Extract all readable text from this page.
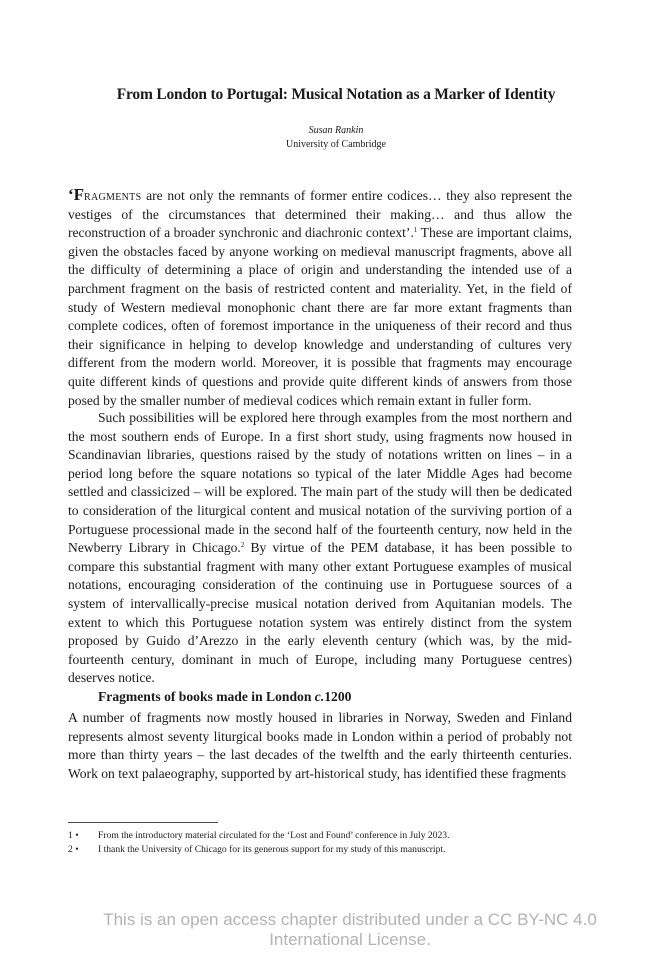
From London to Portugal: Musical Notation as a Marker of Identity
Susan Rankin
University of Cambridge
‘Fragments are not only the remnants of former entire codices… they also represent the vestiges of the circumstances that determined their making… and thus allow the reconstruction of a broader synchronic and diachronic context’.$^1$ These are important claims, given the obstacles faced by anyone working on medieval manuscript fragments, above all the difficulty of determining a place of origin and understanding the intended use of a parchment fragment on the basis of restricted content and materiality. Yet, in the field of study of Western medieval monophonic chant there are far more extant fragments than complete codices, often of foremost importance in the uniqueness of their record and thus their significance in helping to develop knowledge and understanding of cultures very different from the modern world. Moreover, it is possible that fragments may encourage quite different kinds of questions and provide quite different kinds of answers from those posed by the smaller number of medieval codices which remain extant in fuller form.
Such possibilities will be explored here through examples from the most northern and the most southern ends of Europe. In a first short study, using fragments now housed in Scandinavian libraries, questions raised by the study of notations written on lines – in a period long before the square notations so typical of the later Middle Ages had become settled and classicized – will be explored. The main part of the study will then be dedicated to consideration of the liturgical content and musical notation of the surviving portion of a Portuguese processional made in the second half of the fourteenth century, now held in the Newberry Library in Chicago.$^2$ By virtue of the PEM database, it has been possible to compare this substantial fragment with many other extant Portuguese examples of musical notations, encouraging consideration of the continuing use in Portuguese sources of a system of intervallically-precise musical notation derived from Aquitanian models. The extent to which this Portuguese notation system was entirely distinct from the system proposed by Guido d’Arezzo in the early eleventh century (which was, by the mid-fourteenth century, dominant in much of Europe, including many Portuguese centres) deserves notice.
Fragments of books made in London c.1200
A number of fragments now mostly housed in libraries in Norway, Sweden and Finland represents almost seventy liturgical books made in London within a period of probably not more than thirty years – the last decades of the twelfth and the early thirteenth centuries. Work on text palaeography, supported by art-historical study, has identified these fragments
1 •	From the introductory material circulated for the ‘Lost and Found’ conference in July 2023.
2 •	I thank the University of Chicago for its generous support for my study of this manuscript.
This is an open access chapter distributed under a CC BY-NC 4.0 International License.
